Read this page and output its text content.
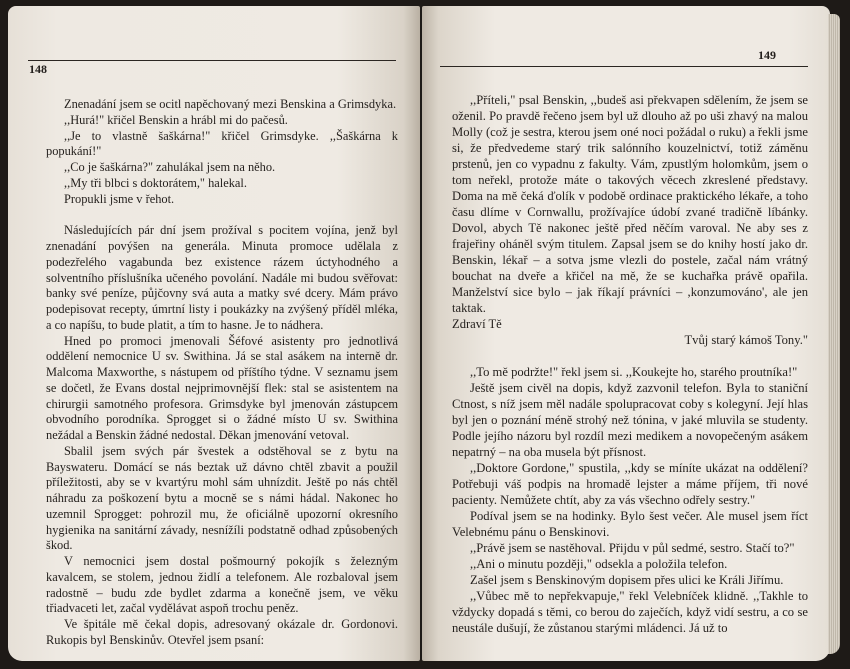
148

Znenadání jsem se ocitl napěchovaný mezi Benskina a Grimsdyka.

,,Hurá!" křičel Benskin a hrábl mi do pačesů.

,,Je to vlastně šaškárna!" křičel Grimsdyke. ,,Šaškárna k popukání!"

,,Co je šaškárna?" zahulákal jsem na něho.

,,My tři blbci s doktorátem," halekal.

Propukli jsme v řehot.

Následujících pár dní jsem prožíval s pocitem vojína, jenž byl znenadání povýšen na generála. Minuta promoce udělala z podezřelého vagabunda bez existence rázem úctyhodného a solventního příslušníka učeného povolání. Nadále mi budou svěřovat: banky své peníze, půjčovny svá auta a matky své dcery. Mám právo podepisovat recepty, úmrtní listy i poukázky na zvýšený příděl mléka, a co napíšu, to bude platit, a tím to hasne. Je to nádhera.

Hned po promoci jmenovali Šéfové asistenty pro jednotlivá oddělení nemocnice U sv. Swithina. Já se stal asákem na interně dr. Malcoma Maxworthe, s nástupem od příštího týdne. V seznamu jsem se dočetl, že Evans dostal nejprimovnější flek: stal se asistentem na chirurgii samotného profesora. Grimsdyke byl jmenován zástupcem obvodního porodníka. Sprogget si o žádné místo U sv. Swithina nežádal a Benskin žádné nedostal. Děkan jmenování vetoval.

Sbalil jsem svých pár švestek a odstěhoval se z bytu na Bayswateru. Domácí se nás beztak už dávno chtěl zbavit a použil příležitosti, aby se v kvartýru mohl sám uhnízdit. Ještě po nás chtěl náhradu za poškození bytu a mocně se s námi hádal. Nakonec ho uzemnil Sprogget: pohrozil mu, že oficiálně upozorní okresního hygienika na sanitární závady, nesnížíli podstatně odhad způsobených škod.

V nemocnici jsem dostal pošmourný pokojík s železným kavalcem, se stolem, jednou židlí a telefonem. Ale rozbaloval jsem radostně – budu zde bydlet zdarma a konečně jsem, ve věku třiadvaceti let, začal vydělávat aspoň trochu peněz.

Ve špitále mě čekal dopis, adresovaný okázale dr. Gordonovi. Rukopis byl Benskinův. Otevřel jsem psaní:

149

,,Příteli," psal Benskin, ,,budeš asi překvapen sdělením, že jsem se oženil. Po pravdě řečeno jsem byl už dlouho až po uši zhavý na malou Molly (což je sestra, kterou jsem oné noci požádal o ruku) a řekli jsme si, že předvedeme starý trik salónního kouzelnictví, totiž záměnu prstenů, jen co vypadnu z fakulty. Vám, zpustlým holomkům, jsem o tom neřekl, protože máte o takových věcech zkreslené představy. Doma na mě čeká ďolík v podobě ordinace praktického lékaře, a toho času dlíme v Cornwallu, prožívajíce údobí zvané tradičně líbánky. Dovol, abych Tě nakonec ještě před něčím varoval. Ne aby ses z frajeřiny oháněl svým titulem. Zapsal jsem se do knihy hostí jako dr. Benskin, lékař – a sotva jsme vlezli do postele, začal nám vrátný bouchat na dveře a křičel na mě, že se kuchařka právě opařila. Manželství sice bylo – jak říkají právníci – ,konzumováno', ale jen taktak.

Zdraví Tě

Tvůj starý kámoš Tony."

,,To mě podržte!" řekl jsem si. ,,Koukejte ho, starého proutníka!"

Ještě jsem civěl na dopis, když zazvonil telefon. Byla to staniční Ctnost, s níž jsem měl nadále spolupracovat coby s kolegyní. Její hlas byl jen o poznání méně strohý než tónina, v jaké mluvila se studenty. Podle jejího názoru byl rozdíl mezi medikem a novopečeným asákem nepatrný – na oba musela být přísnost.

,,Doktore Gordone," spustila, ,,kdy se míníte ukázat na oddělení? Potřebuji váš podpis na hromadě lejster a máme příjem, tři nové pacienty. Nemůžete chtít, aby za vás všechno odřely sestry."

Podíval jsem se na hodinky. Bylo šest večer. Ale musel jsem říct Velebnému pánu o Benskinovi.

,,Právě jsem se nastěhoval. Přijdu v půl sedmé, sestro. Stačí to?"

,,Ani o minutu později," odsekla a položila telefon.

Zašel jsem s Benskinovým dopisem přes ulici ke Králi Jiřímu.

,,Vůbec mě to nepřekvapuje," řekl Velebníček klidně. ,,Takhle to vždycky dopadá s těmi, co berou do zaječích, když vidí sestru, a co se neustále dušují, že zůstanou starými mládenci. Já už to
